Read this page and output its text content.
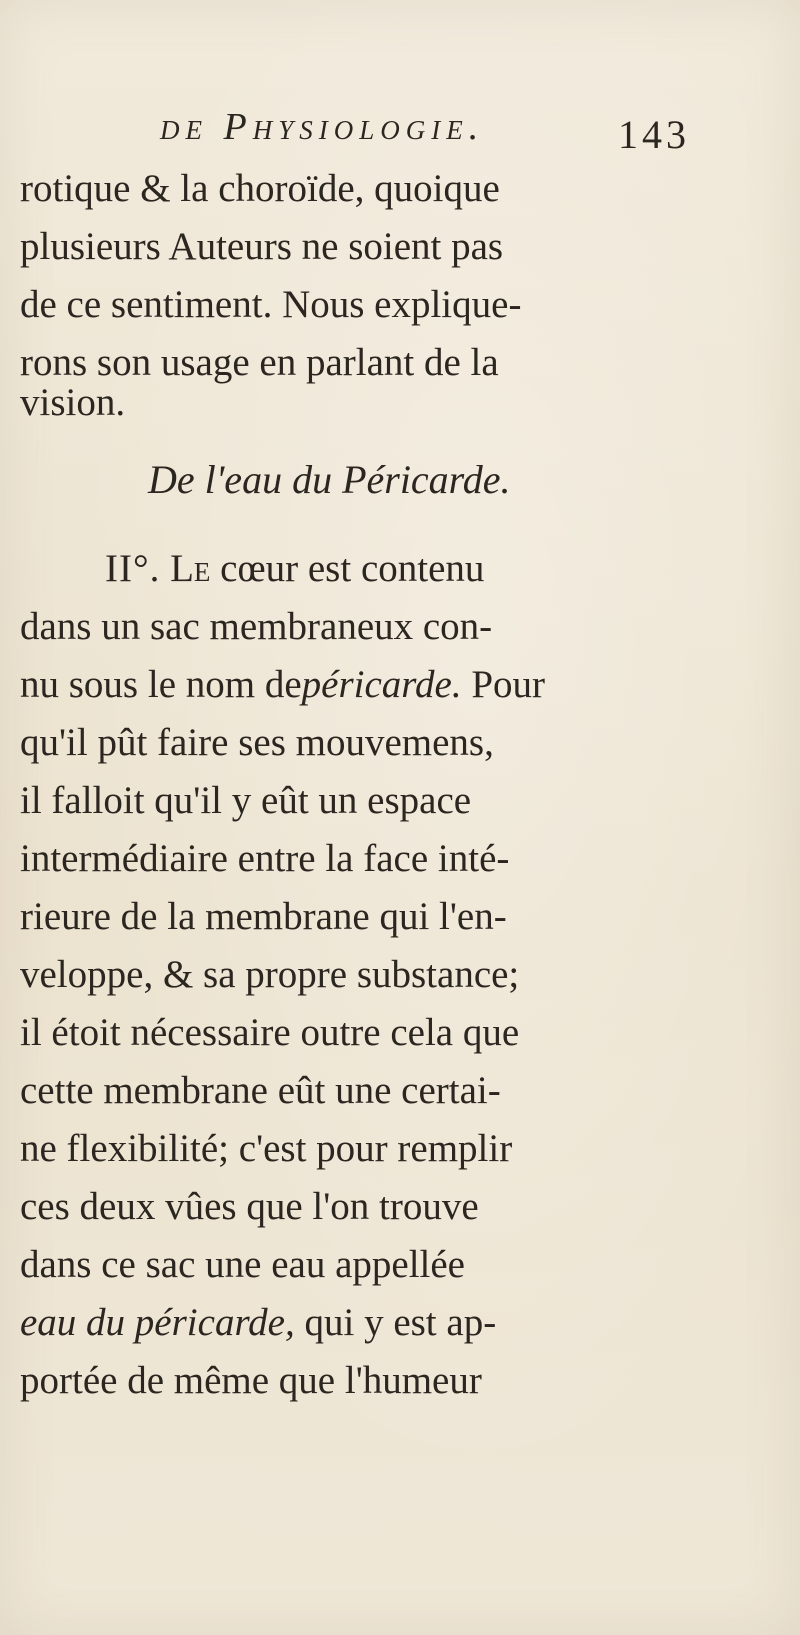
de Physiologie.	143
rotique & la choroïde, quoique
plusieurs Auteurs ne soient pas
de ce sentiment. Nous explique-
rons son usage en parlant de la
vision.
De l'eau du Péricarde.
II°. Le cœur est contenu
dans un sac membraneux con-
nu sous le nom depéricarde. Pour
qu'il pût faire ses mouvemens,
il falloit qu'il y eût un espace
intermédiaire entre la face inté-
rieure de la membrane qui l'en-
veloppe, & sa propre substance;
il étoit nécessaire outre cela que
cette membrane eût une certai-
ne flexibilité; c'est pour remplir
ces deux vûes que l'on trouve
dans ce sac une eau appellée
eau du péricarde, qui y est ap-
portée de même que l'humeur
